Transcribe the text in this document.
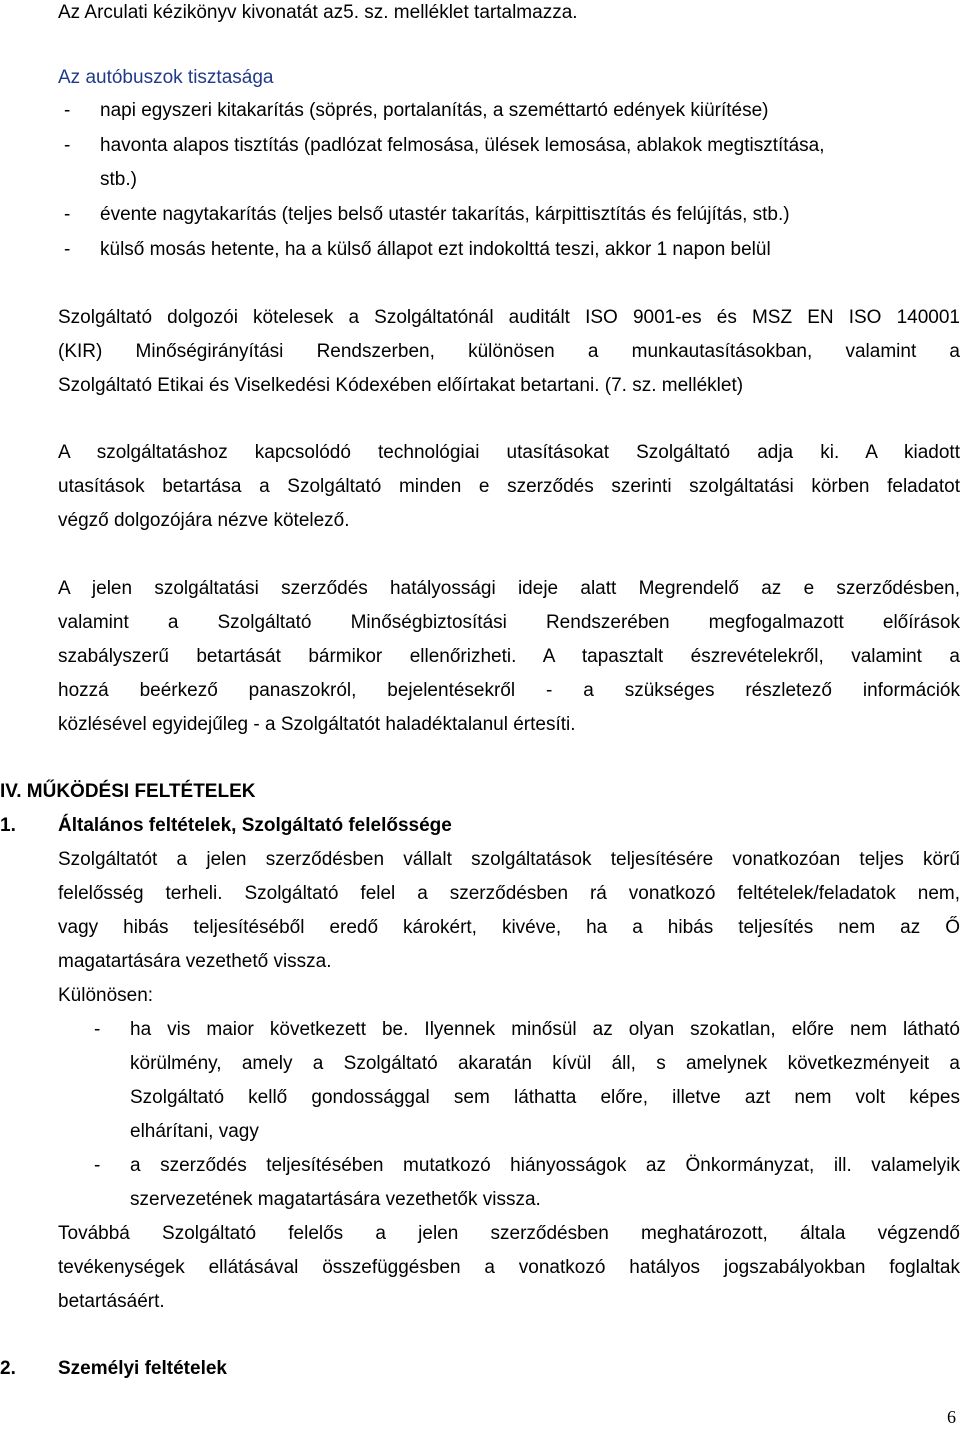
Az Arculati kézikönyv kivonatát az5. sz. melléklet tartalmazza.
Az autóbuszok tisztasága
-	napi egyszeri kitakarítás (söprés, portalanítás, a szeméttartó edények kiürítése)
-	havonta alapos tisztítás (padlózat felmosása, ülések lemosása, ablakok megtisztítása,
stb.)
-	évente nagytakarítás (teljes belső utastér takarítás, kárpittisztítás és felújítás, stb.)
-	külső mosás hetente, ha a külső állapot ezt indokolttá teszi, akkor 1 napon belül
Szolgáltató dolgozói kötelesek a Szolgáltatónál auditált ISO 9001-es és MSZ EN ISO 140001
(KIR) Minőségirányítási Rendszerben, különösen a munkautasításokban, valamint a
Szolgáltató Etikai és Viselkedési Kódexében előírtakat betartani. (7. sz. melléklet)
A szolgáltatáshoz kapcsolódó technológiai utasításokat Szolgáltató adja ki. A kiadott
utasítások betartása a Szolgáltató minden e szerződés szerinti szolgáltatási körben feladatot
végző dolgozójára nézve kötelező.
A jelen szolgáltatási szerződés hatályossági ideje alatt Megrendelő az e szerződésben,
valamint a Szolgáltató Minőségbiztosítási Rendszerében megfogalmazott előírások
szabályszerű betartását bármikor ellenőrizheti. A tapasztalt észrevételekről, valamint a
hozzá beérkező panaszokról, bejelentésekről - a szükséges részletező információk
közlésével egyidejűleg - a Szolgáltatót haladéktalanul értesíti.
IV. MŰKÖDÉSI FELTÉTELEK
1. Általános feltételek, Szolgáltató felelőssége
Szolgáltatót a jelen szerződésben vállalt szolgáltatások teljesítésére vonatkozóan teljes körű
felelősség terheli. Szolgáltató felel a szerződésben rá vonatkozó feltételek/feladatok nem,
vagy hibás teljesítéséből eredő károkért, kivéve, ha a hibás teljesítés nem az Ő
magatartására vezethető vissza.
Különösen:
-	ha vis maior következett be. Ilyennek minősül az olyan szokatlan, előre nem látható
körülmény, amely a Szolgáltató akaratán kívül áll, s amelynek következményeit a
Szolgáltató kellő gondossággal sem láthatta előre, illetve azt nem volt képes
elhárítani, vagy
-	a szerződés teljesítésében mutatkozó hiányosságok az Önkormányzat, ill. valamelyik
szervezetének magatartására vezethetők vissza.
Továbbá Szolgáltató felelős a jelen szerződésben meghatározott, általa végzendő
tevékenységek ellátásával összefüggésben a vonatkozó hatályos jogszabályokban foglaltak
betartásáért.
2. Személyi feltételek
6
